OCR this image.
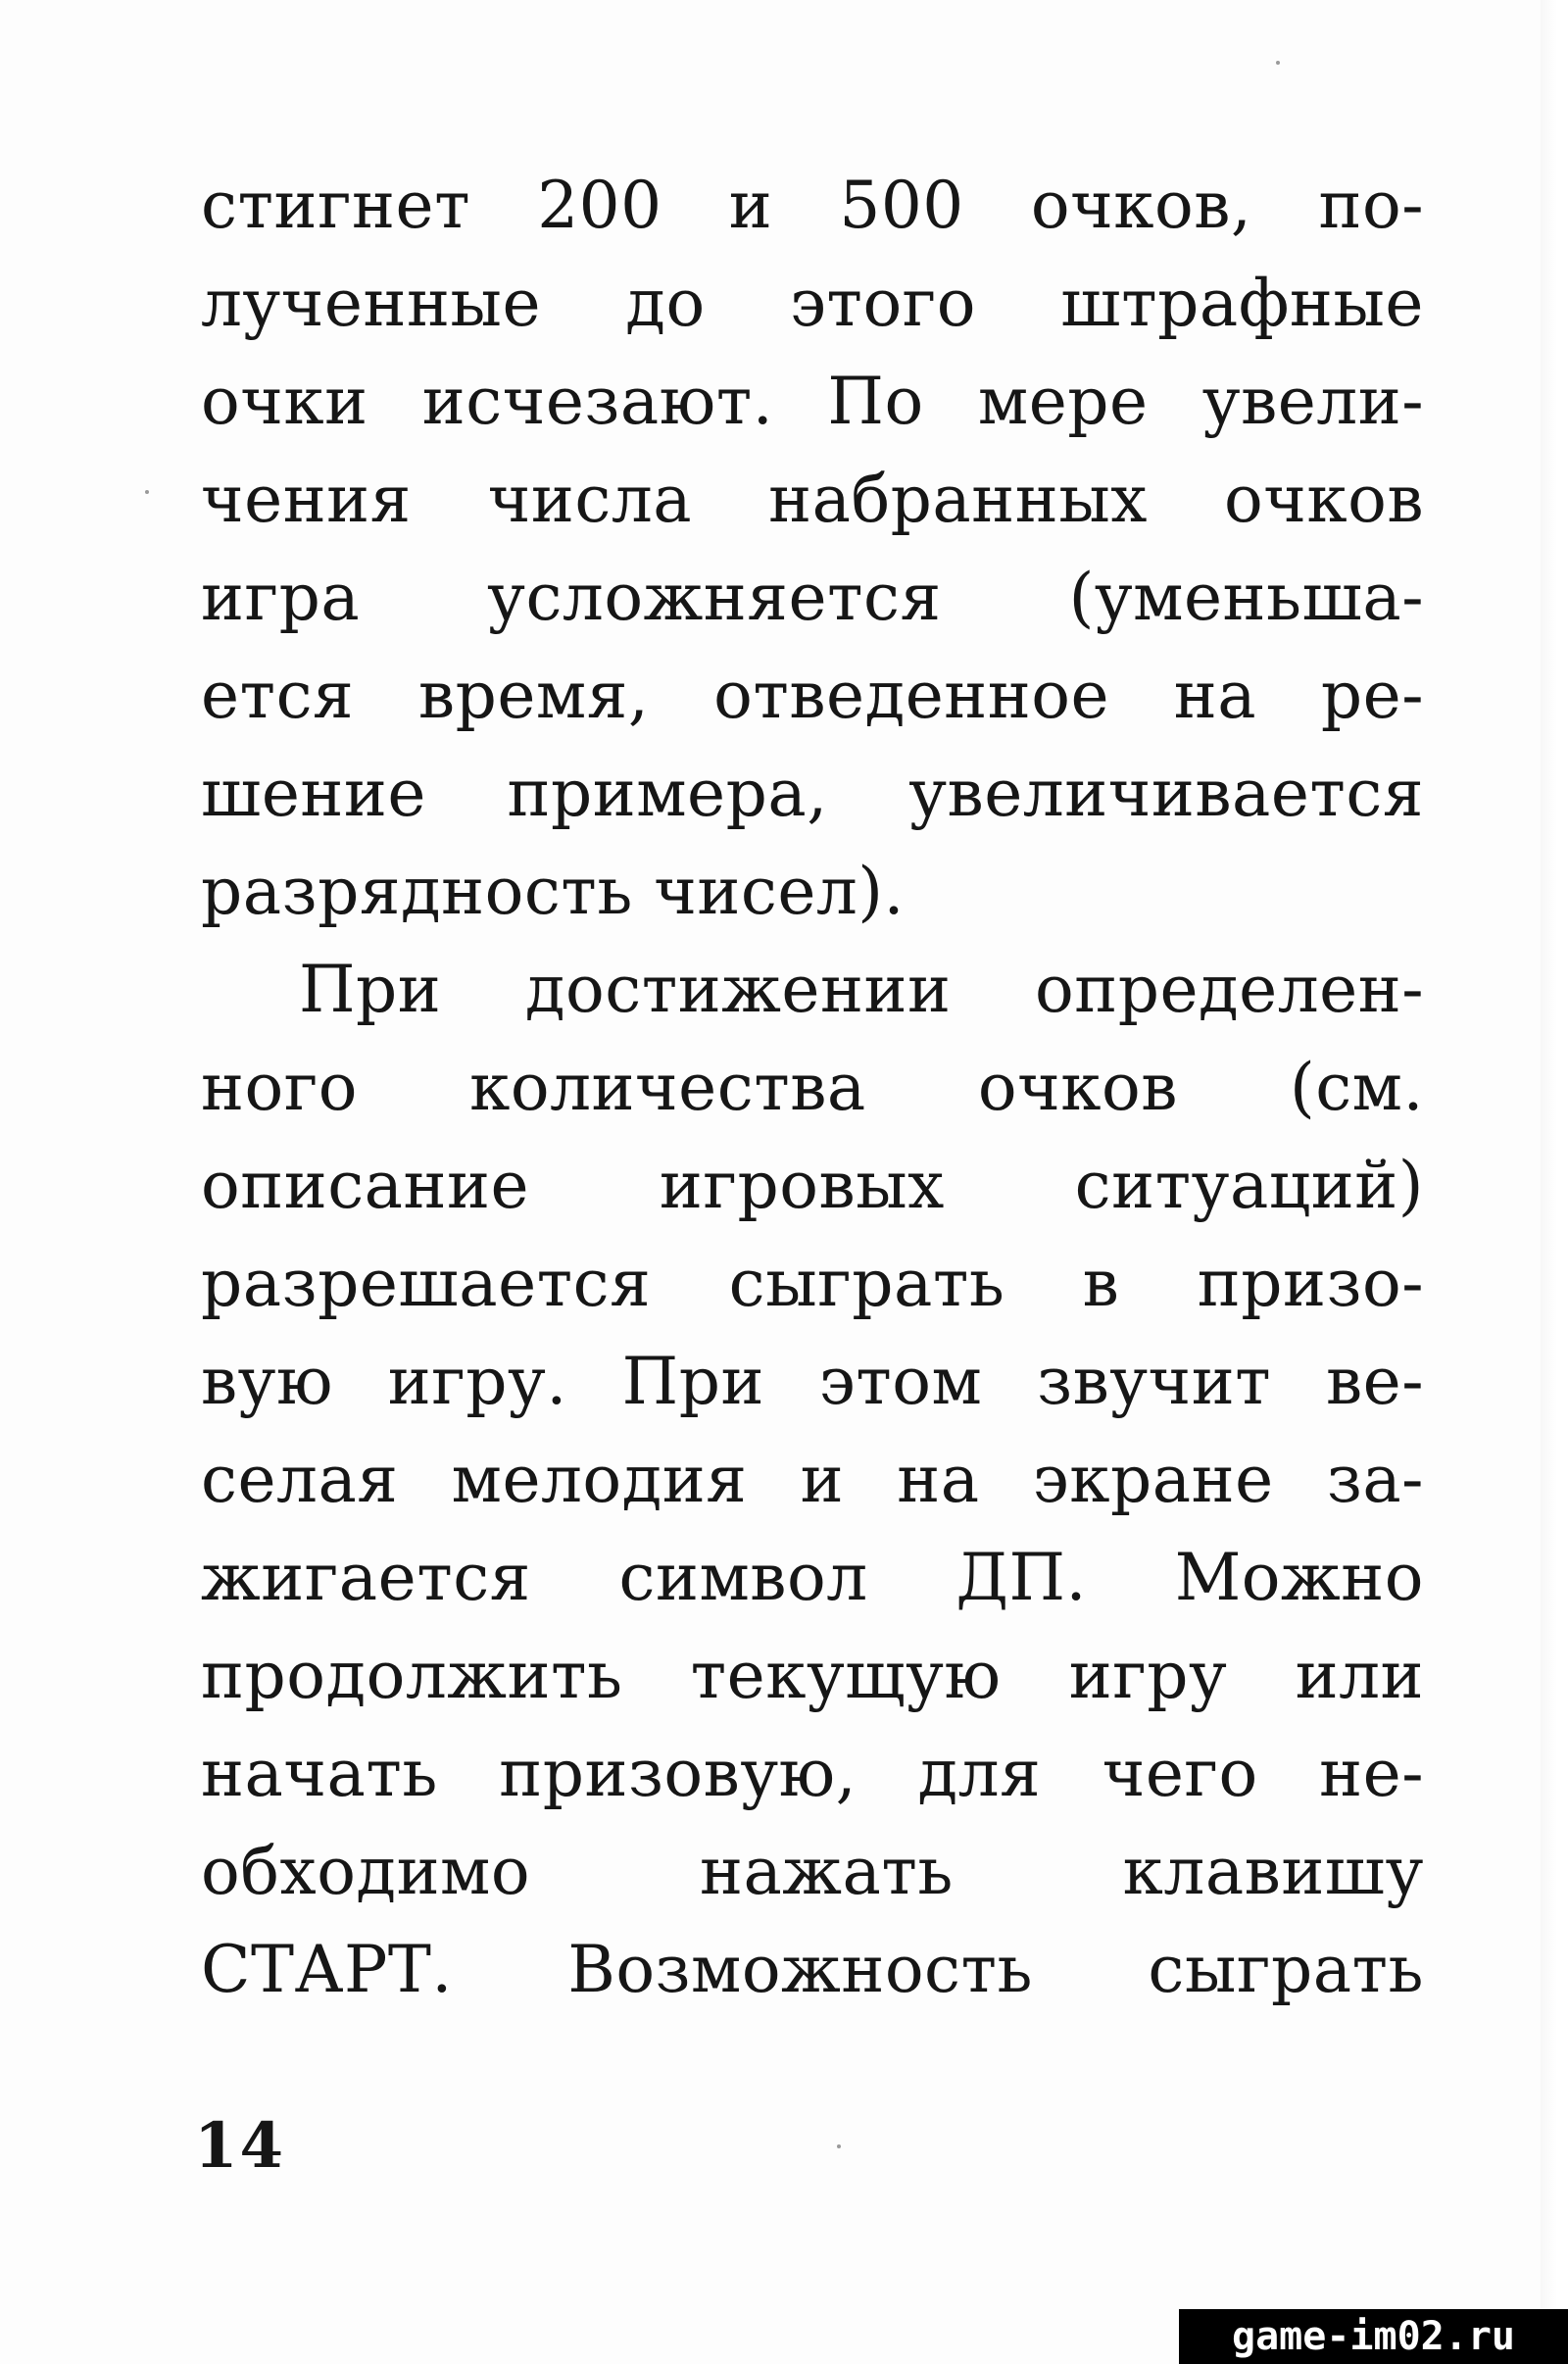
стигнет 200 и 500 очков, по-
лученные до этого штрафные
очки исчезают. По мере увели-
чения числа набранных очков
игра усложняется (уменьша-
ется время, отведенное на ре-
шение примера, увеличивается
разрядность чисел).
При достижении определен-
ного количества очков (см.
описание игровых ситуаций)
разрешается сыграть в призо-
вую игру. При этом звучит ве-
селая мелодия и на экране за-
жигается символ ДП. Можно
продолжить текущую игру или
начать призовую, для чего не-
обходимо нажать клавишу
СТАРТ. Возможность сыграть
14
game-im02.ru
